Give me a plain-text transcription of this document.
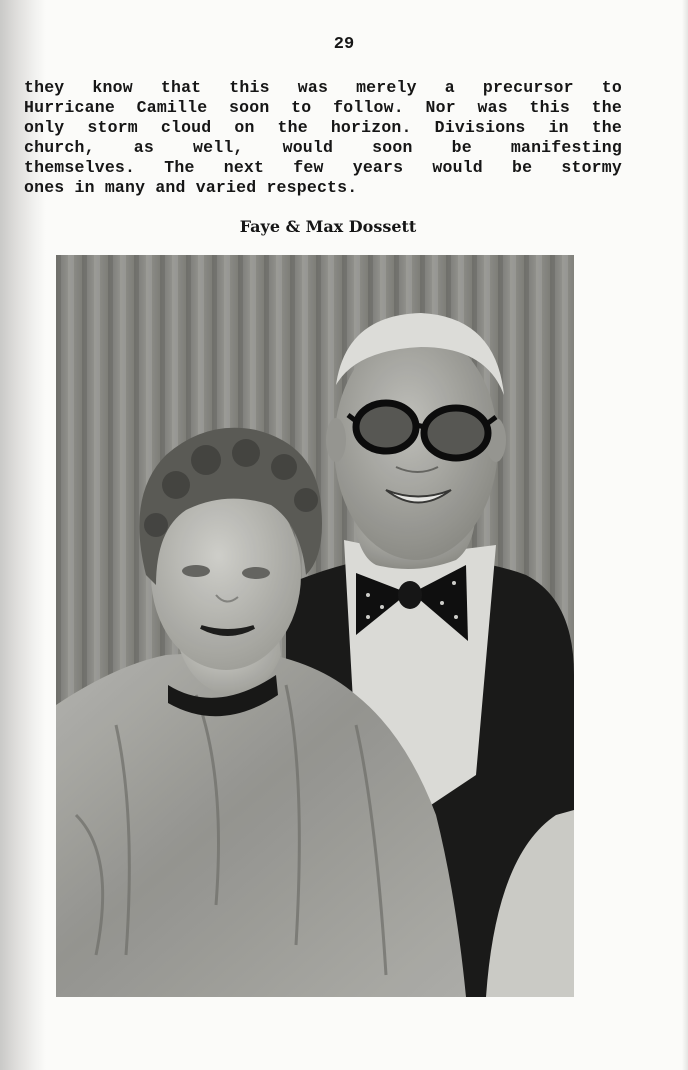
29

they know that this was merely a precursor to

Hurricane Camille soon to follow. Nor was this the

only storm cloud on the horizon. Divisions in the

church, as well, would soon be manifesting

themselves. The next few years would be stormy

ones in many and varied respects.

Faye & Max Dossett
